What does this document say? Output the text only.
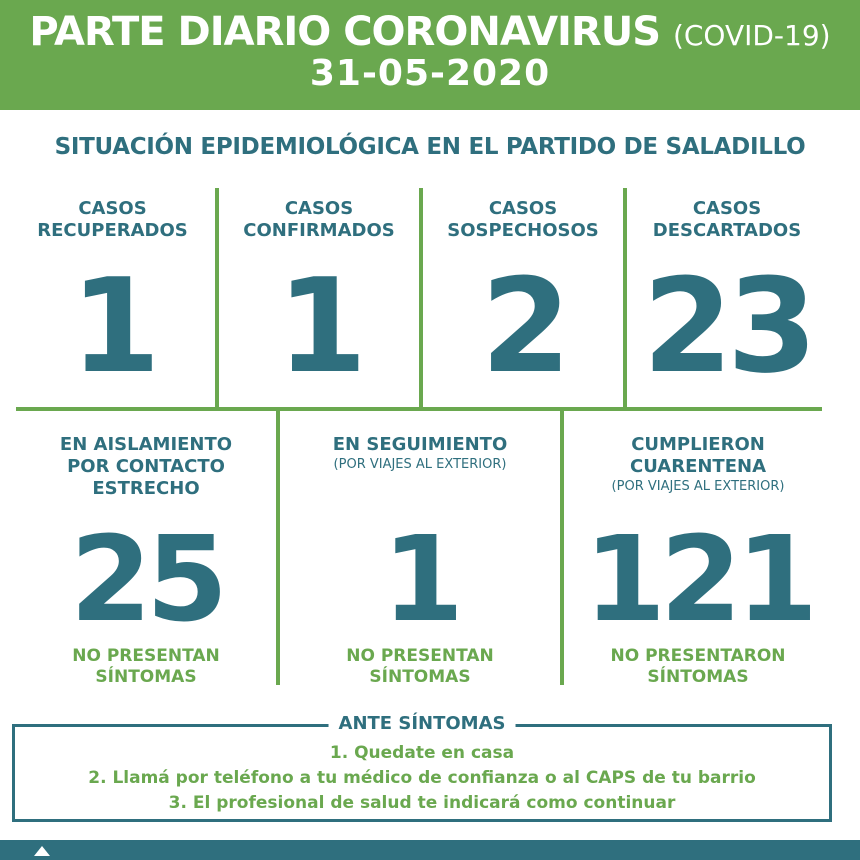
PARTE DIARIO CORONAVIRUS (COVID-19)
31-05-2020
SITUACIÓN EPIDEMIOLÓGICA EN EL PARTIDO DE SALADILLO
CASOS
RECUPERADOS
1
CASOS
CONFIRMADOS
1
CASOS
SOSPECHOSOS
2
CASOS
DESCARTADOS
23
EN AISLAMIENTO
POR CONTACTO
ESTRECHO
25
NO PRESENTAN
SÍNTOMAS
EN SEGUIMIENTO
(POR VIAJES AL EXTERIOR)
1
NO PRESENTAN
SÍNTOMAS
CUMPLIERON
CUARENTENA
(POR VIAJES AL EXTERIOR)
121
NO PRESENTARON
SÍNTOMAS
ANTE SÍNTOMAS
1. Quedate en casa
2. Llamá por teléfono a tu médico de confianza o al CAPS de tu barrio
3. El profesional de salud te indicará como continuar
